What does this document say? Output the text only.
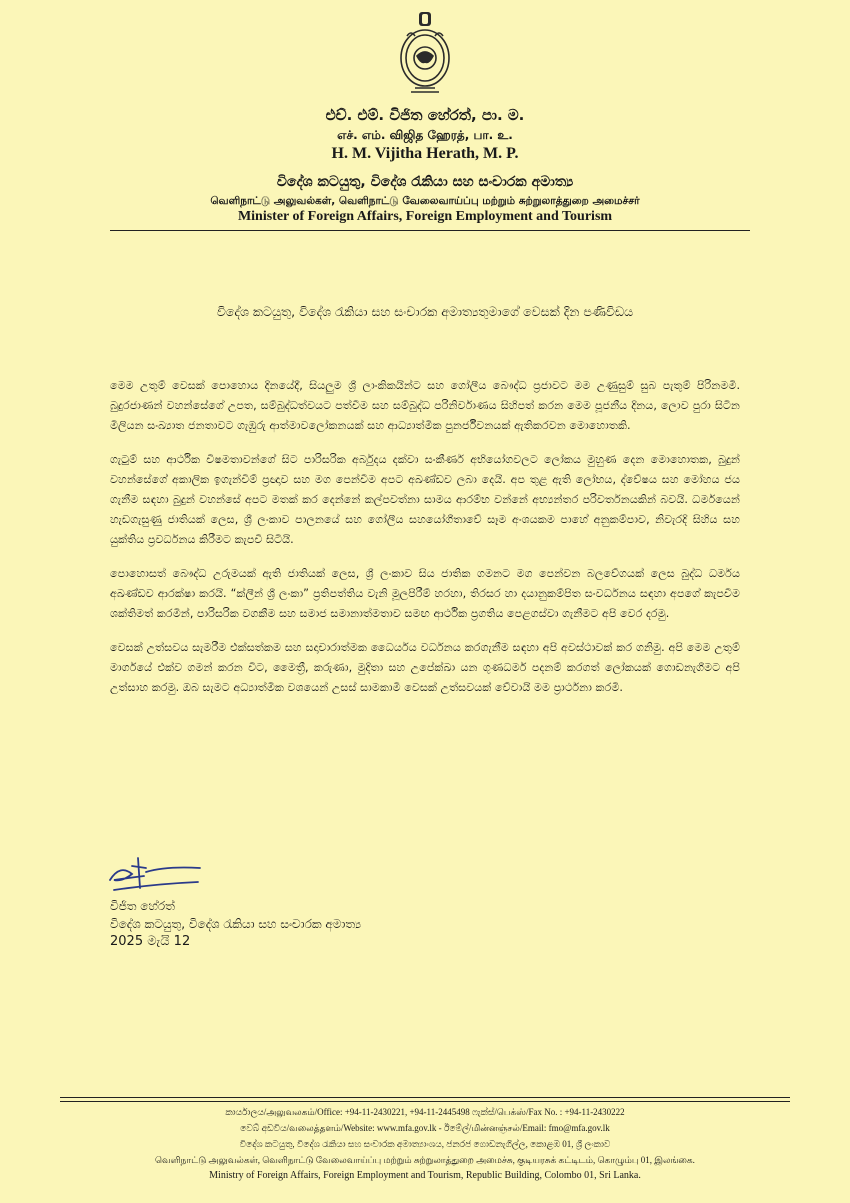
එච්. එම්. විජිත හේරත්, පා. ම.
எச். எம். விஜித ஹேரத், பா. உ.
H. M. Vijitha Herath, M. P.
විදේශ කටයුතු, විදේශ රැකියා සහ සංචාරක අමාත්‍ය
வெளிநாட்டு அலுவல்கள், வெளிநாட்டு வேலைவாய்ப்பு மற்றும் சுற்றுலாத்துறை அமைச்சர்
Minister of Foreign Affairs, Foreign Employment and Tourism
විදේශ කටයුතු, විදේශ රැකියා සහ සංචාරක අමාත්‍යතුමාගේ වෙසක් දින පණිවිඩය

මෙම උතුම් වෙසක් පොහොය දිනයේදී, සියලුම ශ්‍රී ලාංකිකයින්ට සහ ගෝලීය බෞද්ධ ප්‍රජාවට මම උණුසුම් සුබ පැතුම් පිරිනමමි. බුදුරජාණන් වහන්සේගේ උපත, සම්බුද්ධත්වයට පත්වීම සහ සම්බුද්ධ පරිනිර්වාණය සිහිපත් කරන මෙම පූජනීය දිනය, ලොව පුරා සිටින මිලියන සංඛ්‍යාත ජනතාවට ගැඹුරු ආත්මාවලෝකනයක් සහ ආධ්‍යාත්මික පුනර්ජීවනයක් ඇතිකරවන මොහොතකි.

ගැටුම් සහ ආර්ථික විෂමතාවන්ගේ සිට පාරිසරික අර්බුදය දක්වා සංකීර්ණ අභියෝගවලට ලෝකය මුහුණ දෙන මොහොතක, බුදුන් වහන්සේගේ අකාලික ඉගැන්වීම් ප්‍රඥාව සහ මග පෙන්වීම අපට අඛණ්ඩව ලබා දෙයි. අප තුළ ඇති ලෝභය, ද්වේෂය සහ මෝහය ජය ගැනීම සඳහා බුදුන් වහන්සේ අපට මතක් කර දෙන්නේ කල්පවත්නා සාමය ආරම්භ වන්නේ අභ්‍යන්තර පරිවර්තනයකින් බවයි. ධර්මයෙන් හැඩගැසුණු ජාතියක් ලෙස, ශ්‍රී ලංකාව පාලනයේ සහ ගෝලීය සහයෝගීතාවේ සෑම අංශයකම පාහේ අනුකම්පාව, නිවැරදි සිහිය සහ යුක්තිය ප්‍රවර්ධනය කිරීමට කැපවී සිටියි.

පොහොසත් බෞද්ධ උරුමයක් ඇති ජාතියක් ලෙස, ශ්‍රී ලංකාව සිය ජාතික ගමනට මග පෙන්වන බලවේගයක් ලෙස බුද්ධ ධර්මය අඛණ්ඩව ආරක්ෂා කරයි. “ක්ලීන් ශ්‍රී ලංකා” ප්‍රතිපත්තිය වැනි මූලපිරීම් හරහා, තිරසර හා දයානුකම්පිත සංවර්ධනය සඳහා අපගේ කැපවීම ශක්තිමත් කරමින්, පාරිසරික වගකීම සහ සමාජ සමානාත්මතාව සමඟ ආර්ථික ප්‍රගතිය පෙළගස්වා ගැනීමට අපි වෙර දරමු.

වෙසක් උත්සවය සැමරීම එක්සත්කම සහ සදාචාරාත්මක ධෛර්යය වර්ධනය කරගැනීම සඳහා අපි අවස්ථාවක් කර ගනිමු. අපි මෙම උතුම් මාර්ගයේ එක්ව ගමන් කරන විට, මෛත්‍රී, කරුණා, මුදිතා සහ උපේක්ඛා යන ගුණධර්ම පදනම් කරගත් ලෝකයක් ගොඩනැගීමට අපි උත්සාහ කරමු. ඔබ සැමට අධ්‍යාත්මික වශයෙන් උසස් සාමකාමී වෙසක් උත්සවයක් වේවායි මම ප්‍රාර්ථනා කරමි.

විජිත හේරත්
විදේශ කටයුතු, විදේශ රැකියා සහ සංචාරක අමාත්‍ය
2025 මැයි 12
කාර්යාලය/அலுவலகம்/Office: +94-11-2430221, +94-11-2445498 ෆැක්ස්/பெக்ஸ்/Fax No. : +94-11-2430222
වෙබ් අඩවිය/வலைத்தளம்/Website: www.mfa.gov.lk - ඊමේල්/மின்னஞ்சல்/Email: fmo@mfa.gov.lk
විදේශ කටයුතු, විදේශ රැකියා සහ සංචාරක අමාත්‍යාංශය, ජනරජ ගොඩනැගිල්ල, කොළඹ 01, ශ්‍රී ලංකාව
வெளிநாட்டு அலுவல்கள், வெளிநாட்டு வேலைவாய்ப்பு மற்றும் சுற்றுலாத்துறை அமைச்சு, குடியரசுக் கட்டிடம், கொழும்பு 01, இலங்கை.
Ministry of Foreign Affairs, Foreign Employment and Tourism, Republic Building, Colombo 01, Sri Lanka.
